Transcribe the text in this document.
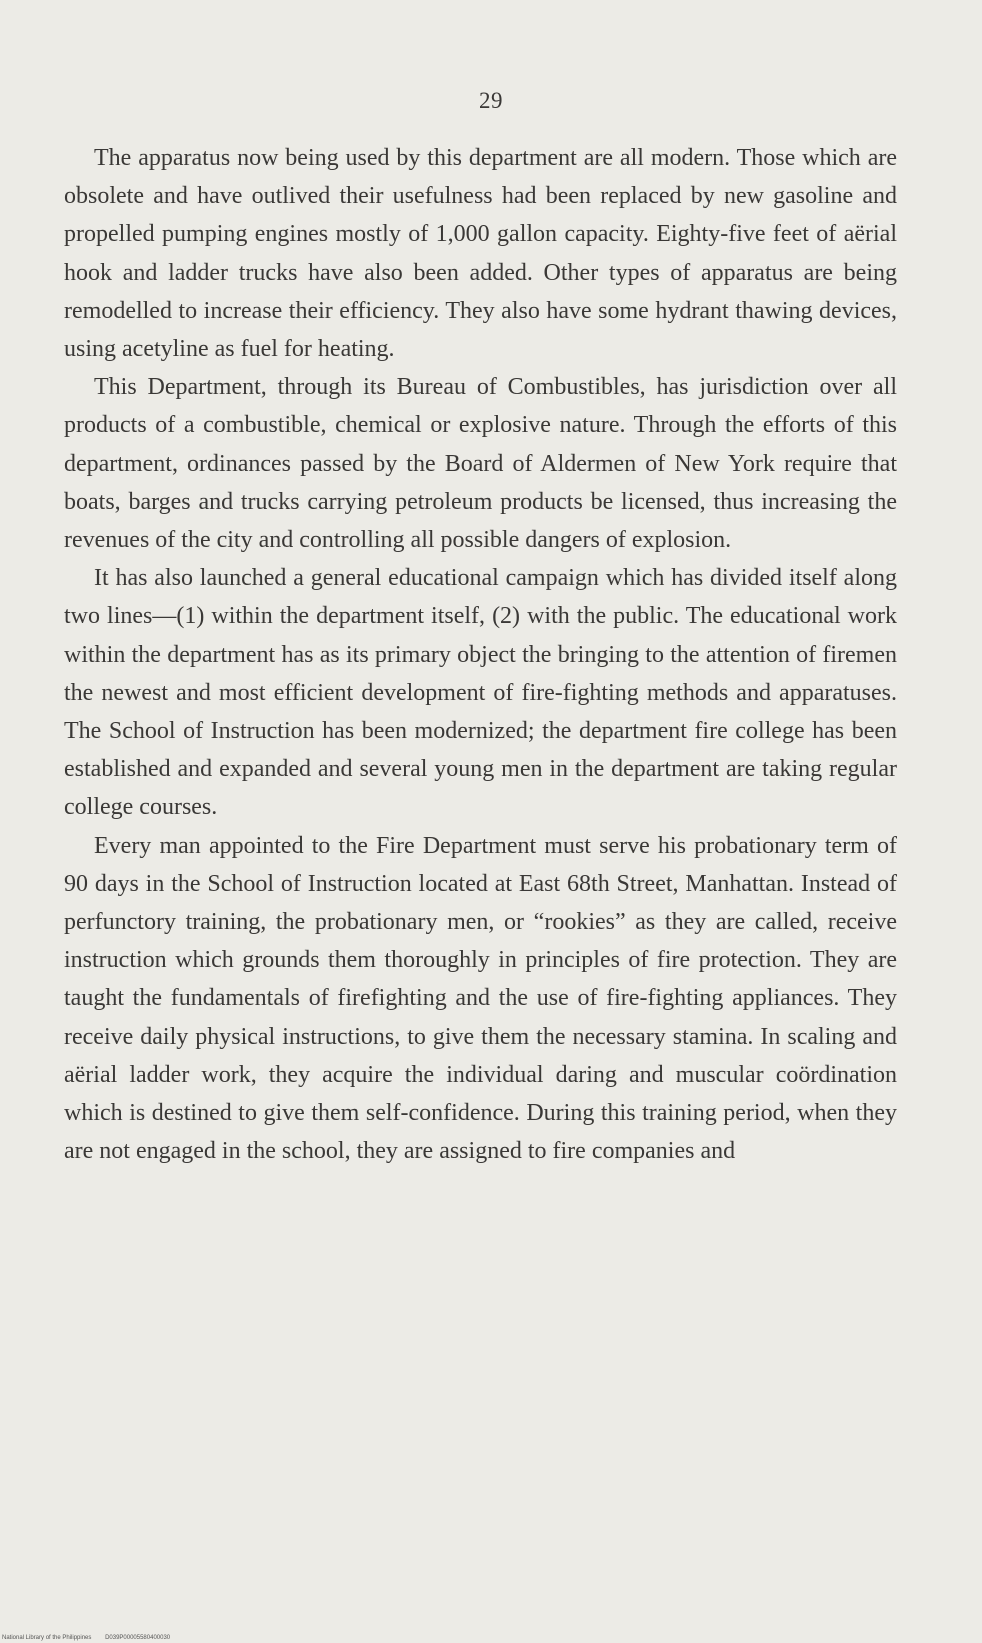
29

The apparatus now being used by this department are all modern. Those which are obsolete and have outlived their usefulness had been replaced by new gasoline and propelled pumping engines mostly of 1,000 gallon capacity. Eighty-five feet of aërial hook and ladder trucks have also been added. Other types of apparatus are being remodelled to increase their efficiency. They also have some hydrant thawing devices, using acetyline as fuel for heating.

This Department, through its Bureau of Combustibles, has jurisdiction over all products of a combustible, chemical or explosive nature. Through the efforts of this department, ordinances passed by the Board of Aldermen of New York require that boats, barges and trucks carrying petroleum products be licensed, thus increasing the revenues of the city and controlling all possible dangers of explosion.

It has also launched a general educational campaign which has divided itself along two lines—(1) within the department itself, (2) with the public. The educational work within the department has as its primary object the bringing to the attention of firemen the newest and most efficient development of fire-fighting methods and apparatuses. The School of Instruction has been modernized; the department fire college has been established and expanded and several young men in the department are taking regular college courses.

Every man appointed to the Fire Department must serve his probationary term of 90 days in the School of Instruction located at East 68th Street, Manhattan. Instead of perfunctory training, the probationary men, or “rookies” as they are called, receive instruction which grounds them thoroughly in principles of fire protection. They are taught the fundamentals of firefighting and the use of fire-fighting appliances. They receive daily physical instructions, to give them the necessary stamina. In scaling and aërial ladder work, they acquire the individual daring and muscular coördination which is destined to give them self-confidence. During this training period, when they are not engaged in the school, they are assigned to fire companies and

National Library of the Philippines D039P00005580400030
